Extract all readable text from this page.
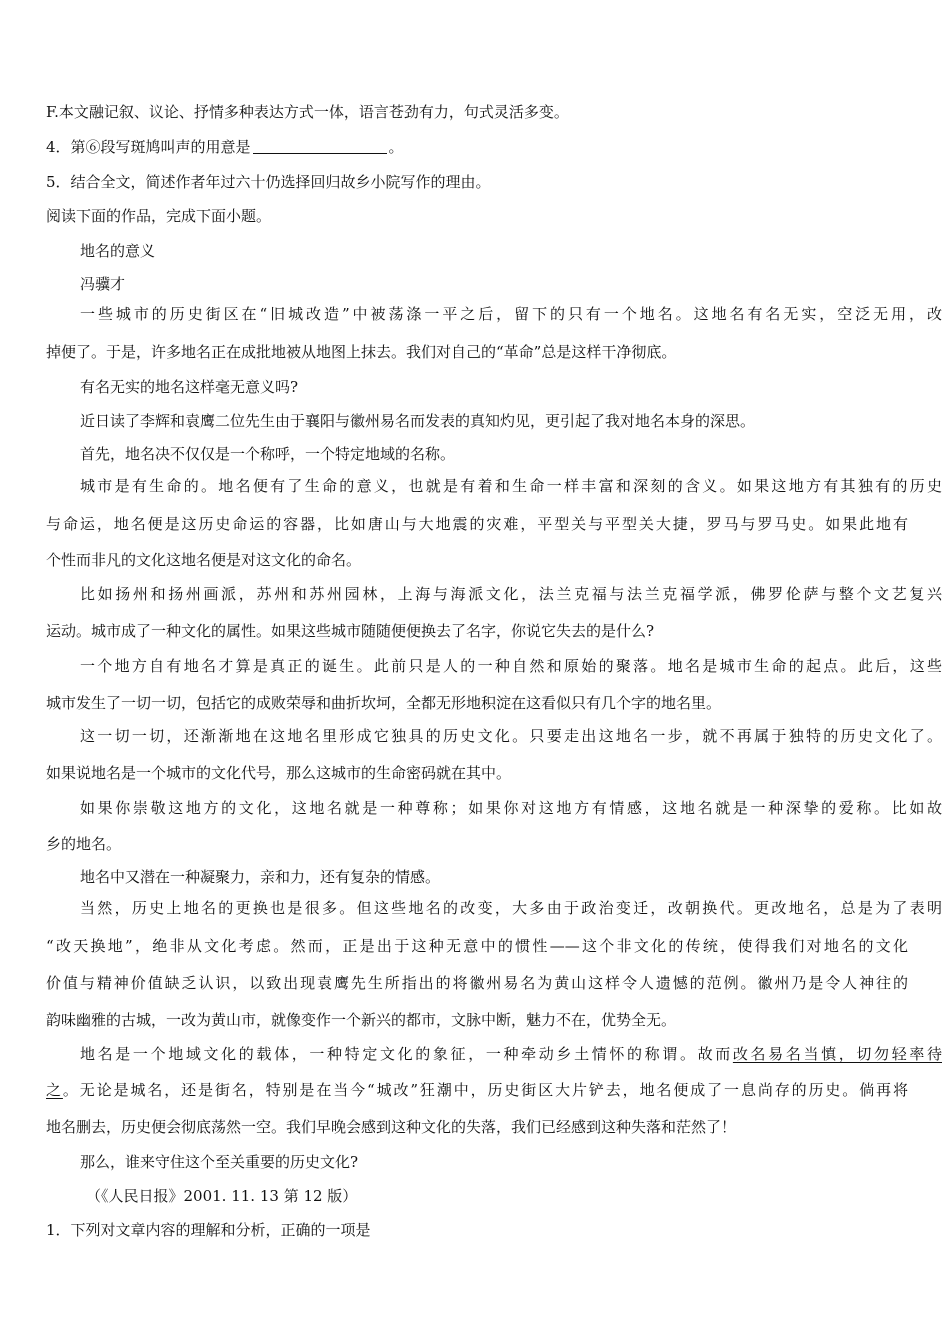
F.本文融记叙、议论、抒情多种表达方式一体，语言苍劲有力，句式灵活多变。
4．第⑥段写斑鸠叫声的用意是	。
5．结合全文，简述作者年过六十仍选择回归故乡小院写作的理由。
阅读下面的作品，完成下面小题。
地名的意义
冯骥才
一些城市的历史街区在“旧城改造”中被荡涤一平之后，留下的只有一个地名。这地名有名无实，空泛无用，改
掉便了。于是，许多地名正在成批地被从地图上抹去。我们对自己的“革命”总是这样干净彻底。
有名无实的地名这样毫无意义吗?
近日读了李辉和袁鹰二位先生由于襄阳与徽州易名而发表的真知灼见，更引起了我对地名本身的深思。
首先，地名决不仅仅是一个称呼，一个特定地域的名称。
城市是有生命的。地名便有了生命的意义，也就是有着和生命一样丰富和深刻的含义。如果这地方有其独有的历史
与命运，地名便是这历史命运的容器，比如唐山与大地震的灾难，平型关与平型关大捷，罗马与罗马史。如果此地有
个性而非凡的文化这地名便是对这文化的命名。
比如扬州和扬州画派，苏州和苏州园林，上海与海派文化，法兰克福与法兰克福学派，佛罗伦萨与整个文艺复兴
运动。城市成了一种文化的属性。如果这些城市随随便便换去了名字，你说它失去的是什么?
一个地方自有地名才算是真正的诞生。此前只是人的一种自然和原始的聚落。地名是城市生命的起点。此后，这些
城市发生了一切一切，包括它的成败荣辱和曲折坎坷，全都无形地积淀在这看似只有几个字的地名里。
这一切一切，还渐渐地在这地名里形成它独具的历史文化。只要走出这地名一步，就不再属于独特的历史文化了。
如果说地名是一个城市的文化代号，那么这城市的生命密码就在其中。
如果你崇敬这地方的文化，这地名就是一种尊称；如果你对这地方有情感，这地名就是一种深挚的爱称。比如故
乡的地名。
地名中又潜在一种凝聚力，亲和力，还有复杂的情感。
当然，历史上地名的更换也是很多。但这些地名的改变，大多由于政治变迁，改朝换代。更改地名，总是为了表明
“改天换地”，绝非从文化考虑。然而，正是出于这种无意中的惯性——这个非文化的传统，使得我们对地名的文化
价值与精神价值缺乏认识，以致出现袁鹰先生所指出的将徽州易名为黄山这样令人遗憾的范例。徽州乃是令人神往的
韵味幽雅的古城，一改为黄山市，就像变作一个新兴的都市，文脉中断，魅力不在，优势全无。
地名是一个地域文化的载体，一种特定文化的象征，一种牵动乡土情怀的称谓。故而改名易名当慎，切勿轻率待
之。无论是城名，还是街名，特别是在当今“城改”狂潮中，历史街区大片铲去，地名便成了一息尚存的历史。倘再将
地名删去，历史便会彻底荡然一空。我们早晚会感到这种文化的失落，我们已经感到这种失落和茫然了！
那么，谁来守住这个至关重要的历史文化?
（《人民日报》2001. 11. 13 第 12 版）
1．下列对文章内容的理解和分析，正确的一项是
